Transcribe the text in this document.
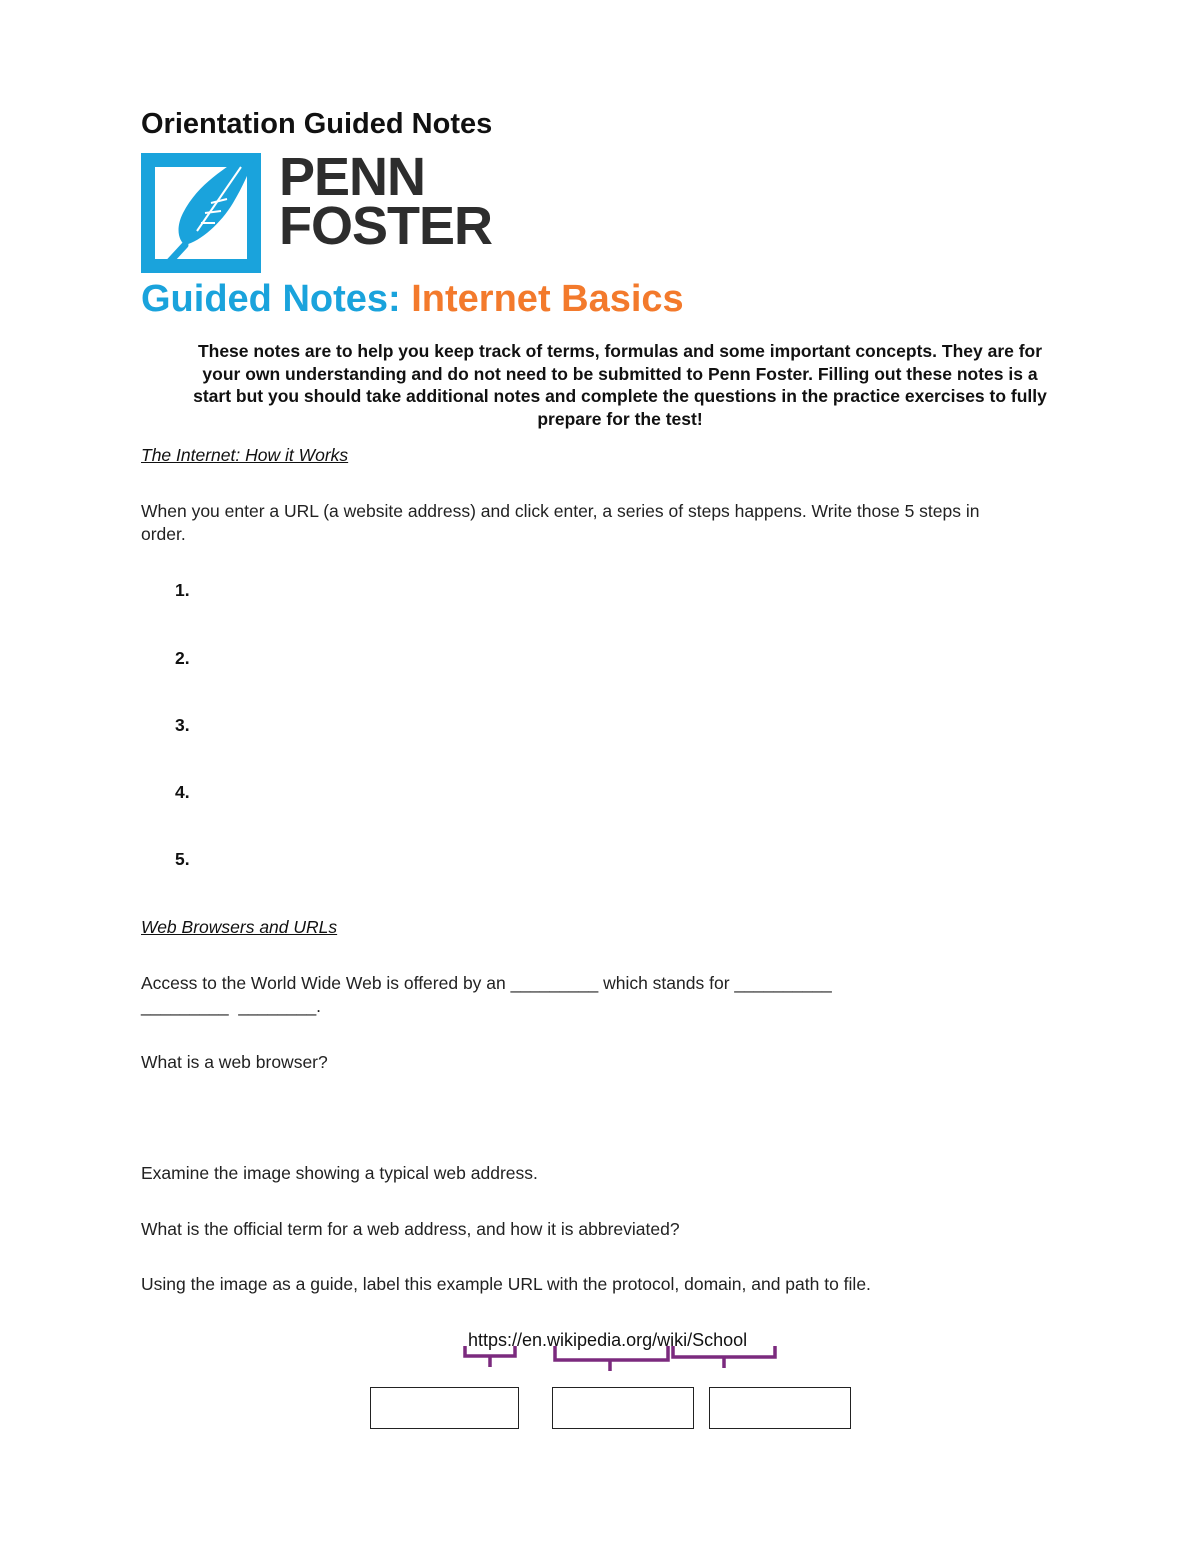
Orientation Guided Notes
PENN
FOSTER
Guided Notes: Internet Basics
These notes are to help you keep track of terms, formulas and some important concepts. They are for
your own understanding and do not need to be submitted to Penn Foster. Filling out these notes is a
start but you should take additional notes and complete the questions in the practice exercises to fully
prepare for the test!
The Internet: How it Works
When you enter a URL (a website address) and click enter, a series of steps happens. Write those 5 steps in
order.
1.
2.
3.
4.
5.
Web Browsers and URLs
Access to the World Wide Web is offered by an _________ which stands for __________
_________  ________.
What is a web browser?
Examine the image showing a typical web address.
What is the official term for a web address, and how it is abbreviated?
Using the image as a guide, label this example URL with the protocol, domain, and path to file.
https://en.wikipedia.org/wiki/School
